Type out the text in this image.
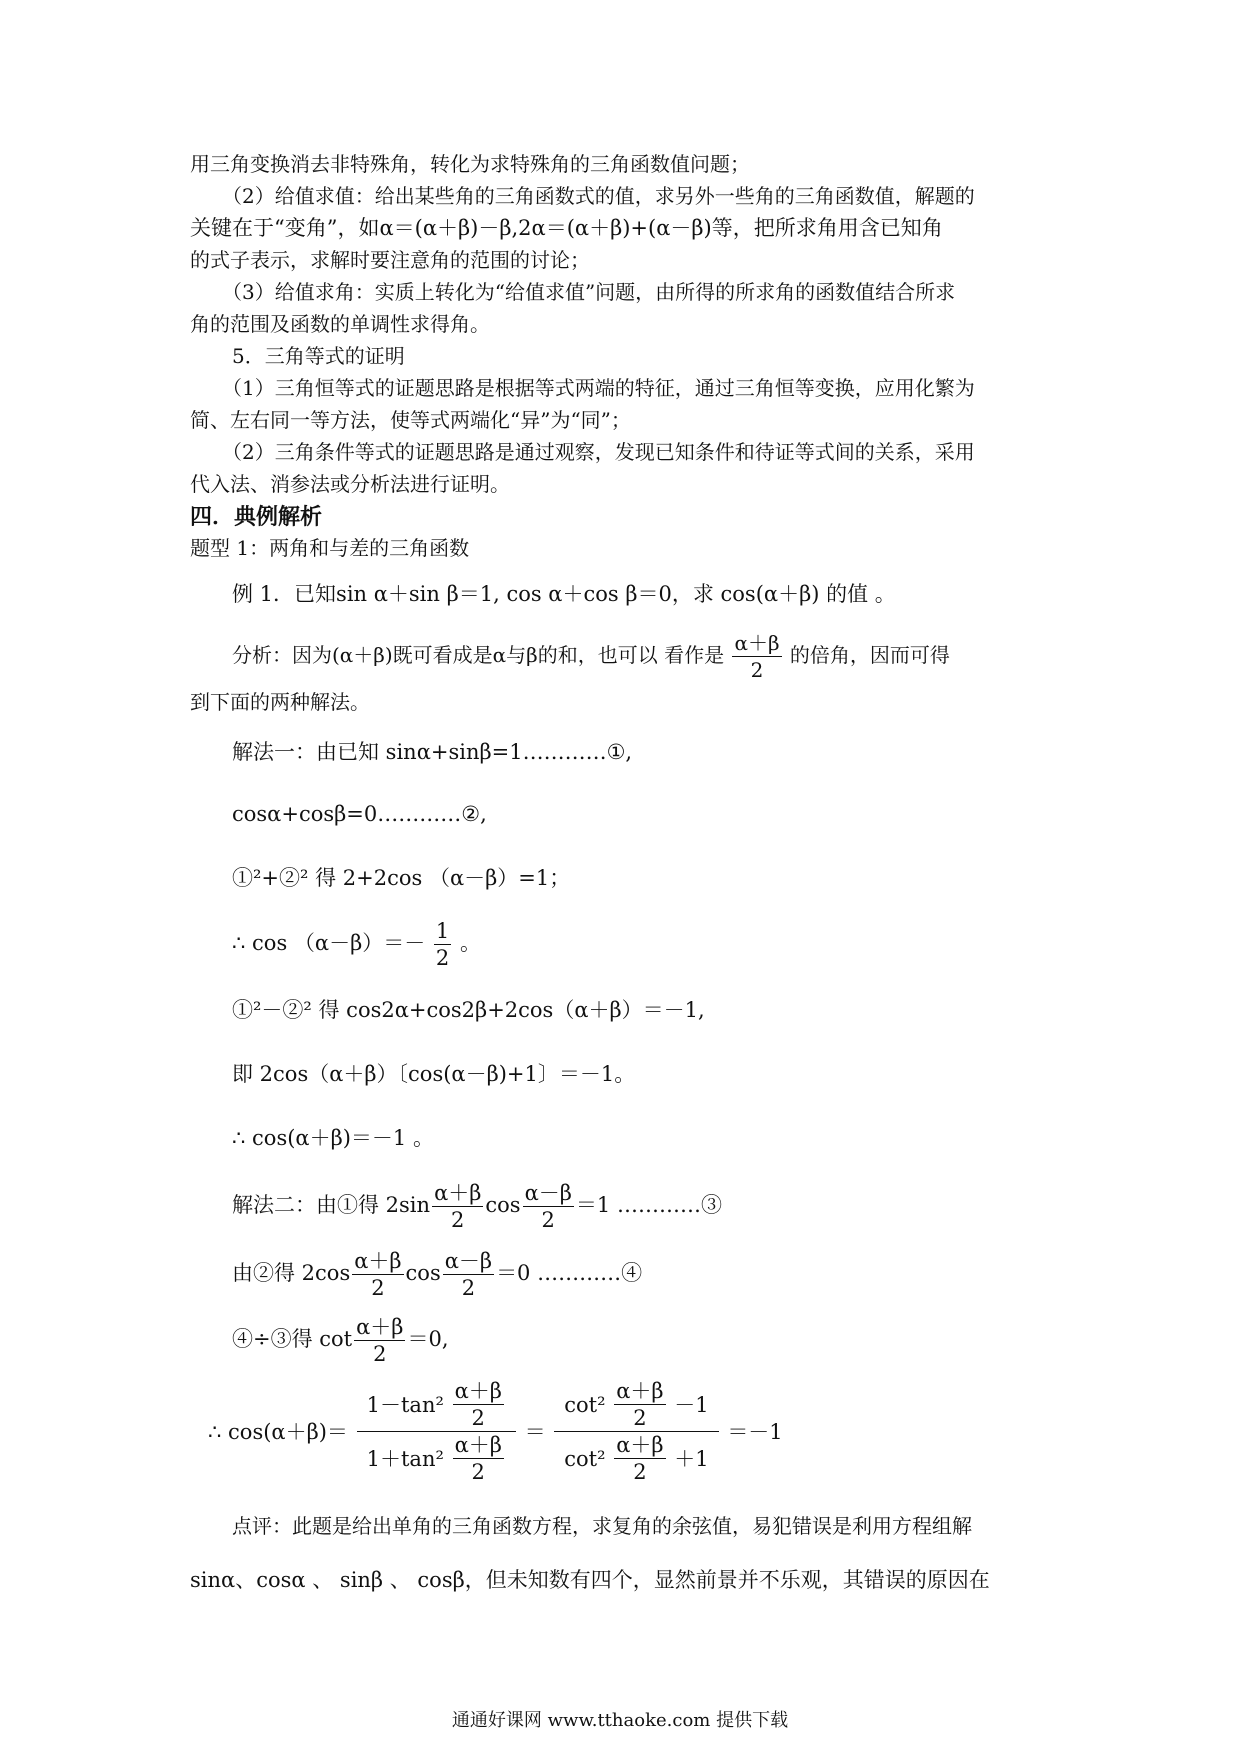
用三角变换消去非特殊角，转化为求特殊角的三角函数值问题；
（2）给值求值：给出某些角的三角函数式的值，求另外一些角的三角函数值，解题的
关键在于“变角”，如α＝(α＋β)－β,2α＝(α＋β)+(α－β)等，把所求角用含已知角
的式子表示，求解时要注意角的范围的讨论；
（3）给值求角：实质上转化为“给值求值”问题，由所得的所求角的函数值结合所求
角的范围及函数的单调性求得角。
5．三角等式的证明
（1）三角恒等式的证题思路是根据等式两端的特征，通过三角恒等变换，应用化繁为
简、左右同一等方法，使等式两端化“异”为“同”；
（2）三角条件等式的证题思路是通过观察，发现已知条件和待证等式间的关系，采用
代入法、消参法或分析法进行证明。
四．典例解析
题型 1：两角和与差的三角函数
例 1．已知sin α＋sin β＝1, cos α＋cos β＝0，求 cos(α＋β) 的值 。
分析：因为(α＋β)既可看成是α与β的和，也可以 看作是 $\frac{\alpha+\beta}{2}$ 的倍角，因而可得
到下面的两种解法。
解法一：由已知 sinα+sinβ=1…………①,
cosα+cosβ=0…………②,
①²+②² 得 2+2cos （α－β）=1；
∴ $\cos (\alpha-\beta)=- \frac{1}{2}$ 。
①²－②² 得 cos2α+cos2β+2cos（α＋β）＝－1,
即 2cos（α＋β）〔cos(α－β)+1〕＝－1。
∴ cos(α＋β)＝－1 。
解法二：由①得 $2\sin \frac{\alpha+\beta}{2}$ $\cos \frac{\alpha-\beta}{2} =1$ …………③
由②得 $2\cos \frac{\alpha+\beta}{2}$ $\cos \frac{\alpha-\beta}{2} =0$ …………④
④÷③得 $\cot \frac{\alpha+\beta}{2} =0$,
∴ $\cos(\alpha+\beta)= \frac{1-\tan^2 \frac{\alpha+\beta}{2}}{1+\tan^2 \frac{\alpha+\beta}{2}} = \frac{\cot^2 \frac{\alpha+\beta}{2} -1}{\cot^2 \frac{\alpha+\beta}{2} +1} =-1$
点评：此题是给出单角的三角函数方程，求复角的余弦值，易犯错误是利用方程组解
sinα、cosα 、 sinβ 、 cosβ，但未知数有四个，显然前景并不乐观，其错误的原因在
通通好课网 www.tthaoke.com 提供下载
